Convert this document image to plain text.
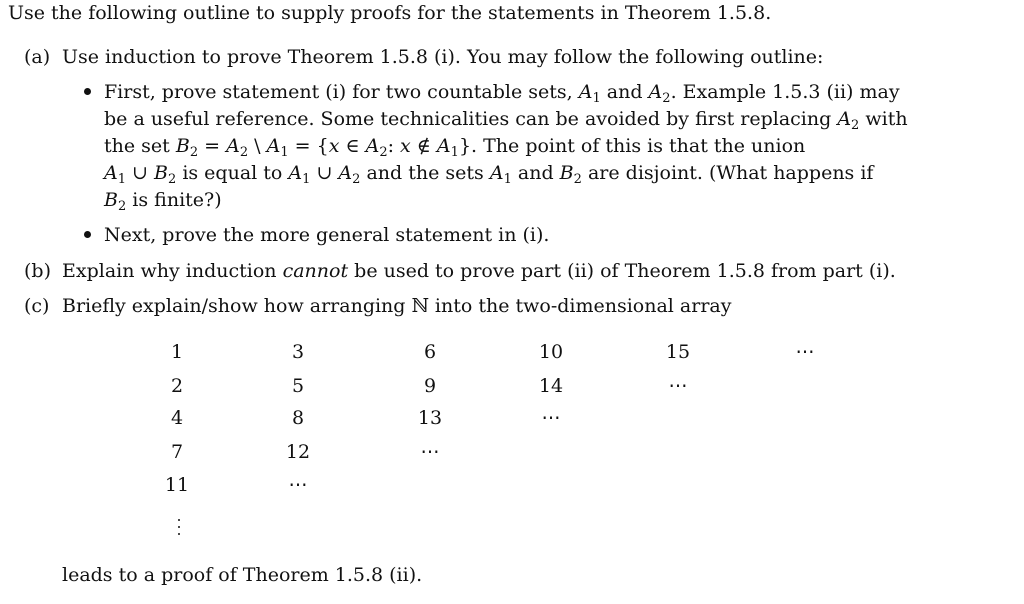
Use the following outline to supply proofs for the statements in Theorem 1.5.8.
(a) Use induction to prove Theorem 1.5.8 (i). You may follow the following outline:
First, prove statement (i) for two countable sets, $A_1$ and $A_2$. Example 1.5.3 (ii) may
be a useful reference. Some technicalities can be avoided by first replacing $A_2$ with
the set $B_2 = A_2$ \ $A_1 = \{x$ ∈ $A_2$: x ∉ $A_1$}. The point of this is that the union
$A_1$ ∪ $B_2$ is equal to $A_1$ ∪ $A_2$ and the sets $A_1$ and $B_2$ are disjoint. (What happens if
$B_2$ is finite?)
Next, prove the more general statement in (i).
(b) Explain why induction cannot be used to prove part (ii) of Theorem 1.5.8 from part (i).
(c) Briefly explain/show how arranging ℕ into the two-dimensional array
1	3	6	10	15	⋯
2	5	9	14	⋯
4	8	13	⋯
7	12	⋯
11	⋯
leads to a proof of Theorem 1.5.8 (ii).
